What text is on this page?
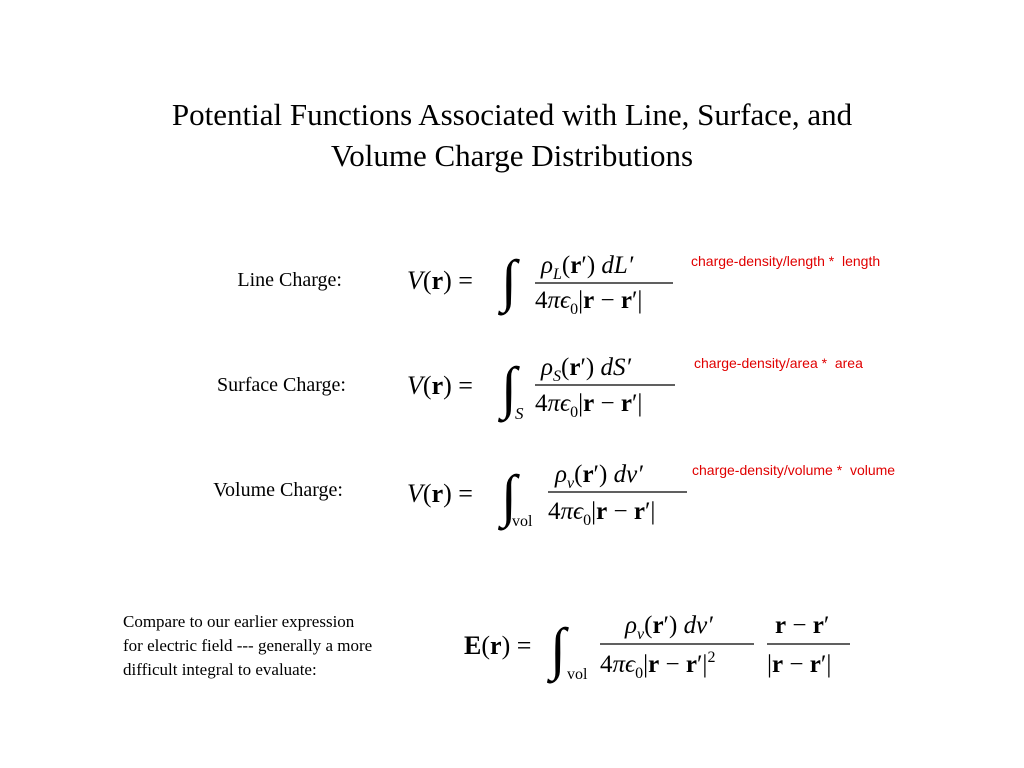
Potential Functions Associated with Line, Surface, and
Volume Charge Distributions
Line Charge:
charge-density/length *  length
V(r) = ∫ $\rho_L(r')$ dL′
$4\pi\epsilon_0|r - r'|$
Surface Charge:
charge-density/area *  area
V(r) = ∫
S
$\rho_S(r')$ dS′
$4\pi\epsilon_0|r - r'|$
Volume Charge:
charge-density/volume *  volume
V(r) = ∫
vol
$\rho_v(r')$ dv′
$4\pi\epsilon_0|r - r'|$
Compare to our earlier expression
for electric field --- generally a more
difficult integral to evaluate:
E(r) = ∫ vol
$\rho_v(r')$ dv′
$4\pi\epsilon_0|r - r'|^2$
r − r′
|r − r′|
